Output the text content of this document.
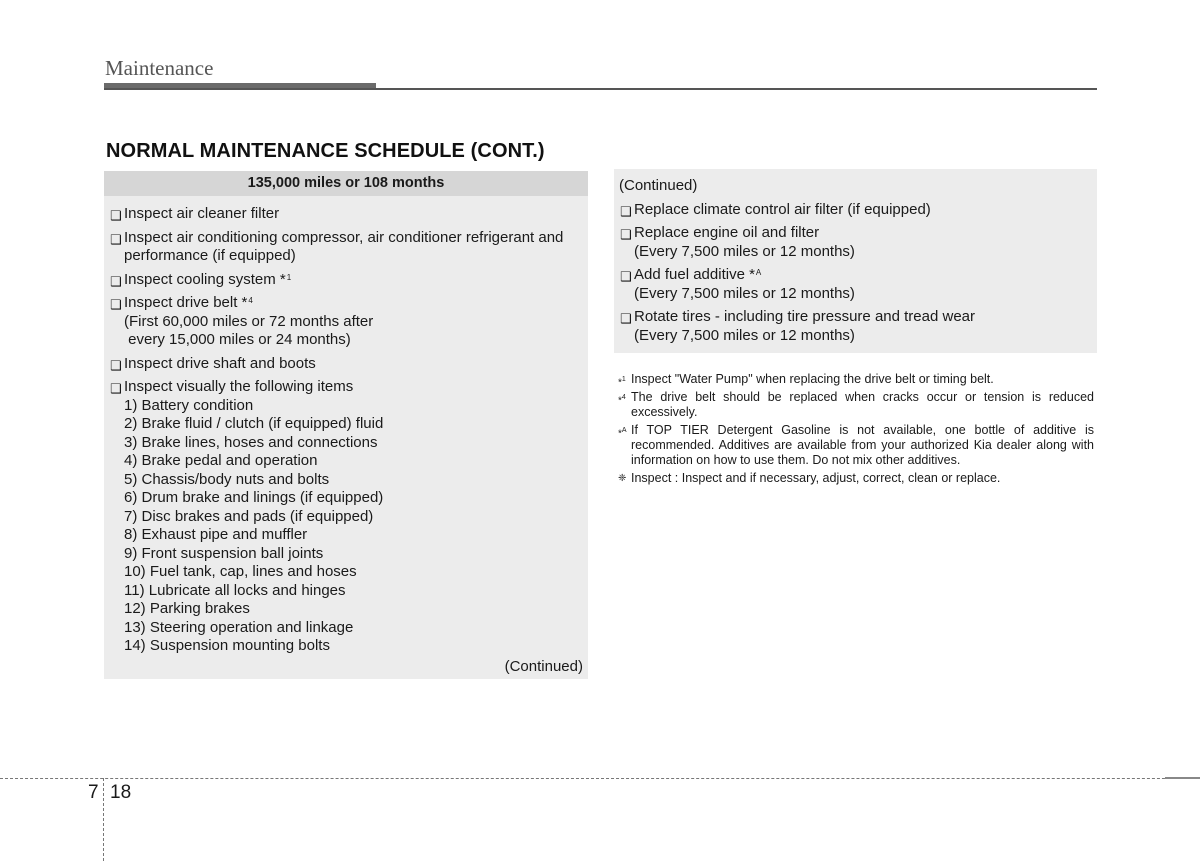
Maintenance
NORMAL MAINTENANCE SCHEDULE (CONT.)
135,000 miles or 108 months
❑ Inspect air cleaner filter
❑ Inspect air conditioning compressor, air conditioner refrigerant and
performance (if equipped)
❑ Inspect cooling system *$^1$

❑ Inspect drive belt *$^4$

(First 60,000 miles or 72 months after
every 15,000 miles or 24 months)
❑ Inspect drive shaft and boots
❑ Inspect visually the following items
1) Battery condition
2) Brake fluid / clutch (if equipped) fluid
3) Brake lines, hoses and connections
4) Brake pedal and operation
5) Chassis/body nuts and bolts
6) Drum brake and linings (if equipped)
7) Disc brakes and pads (if equipped)
8) Exhaust pipe and muffler
9) Front suspension ball joints
10) Fuel tank, cap, lines and hoses
11) Lubricate all locks and hinges
12) Parking brakes
13) Steering operation and linkage
14) Suspension mounting bolts
(Continued)
(Continued)
❑ Replace climate control air filter (if equipped)
❑ Replace engine oil and filter
(Every 7,500 miles or 12 months)
❑ Add fuel additive *$^A$

(Every 7,500 miles or 12 months)
❑ Rotate tires - including tire pressure and tread wear
(Every 7,500 miles or 12 months)
*$^1$ Inspect "Water Pump" when replacing the drive belt or timing belt.
*$^4$ The drive belt should be replaced when cracks occur or tension is reduced excessively.
*$^A$ If TOP TIER Detergent Gasoline is not available, one bottle of additive is recommended. Additives are available from your authorized Kia dealer along with information on how to use them. Do not mix other additives.
❈ Inspect : Inspect and if necessary, adjust, correct, clean or replace.
7 18
